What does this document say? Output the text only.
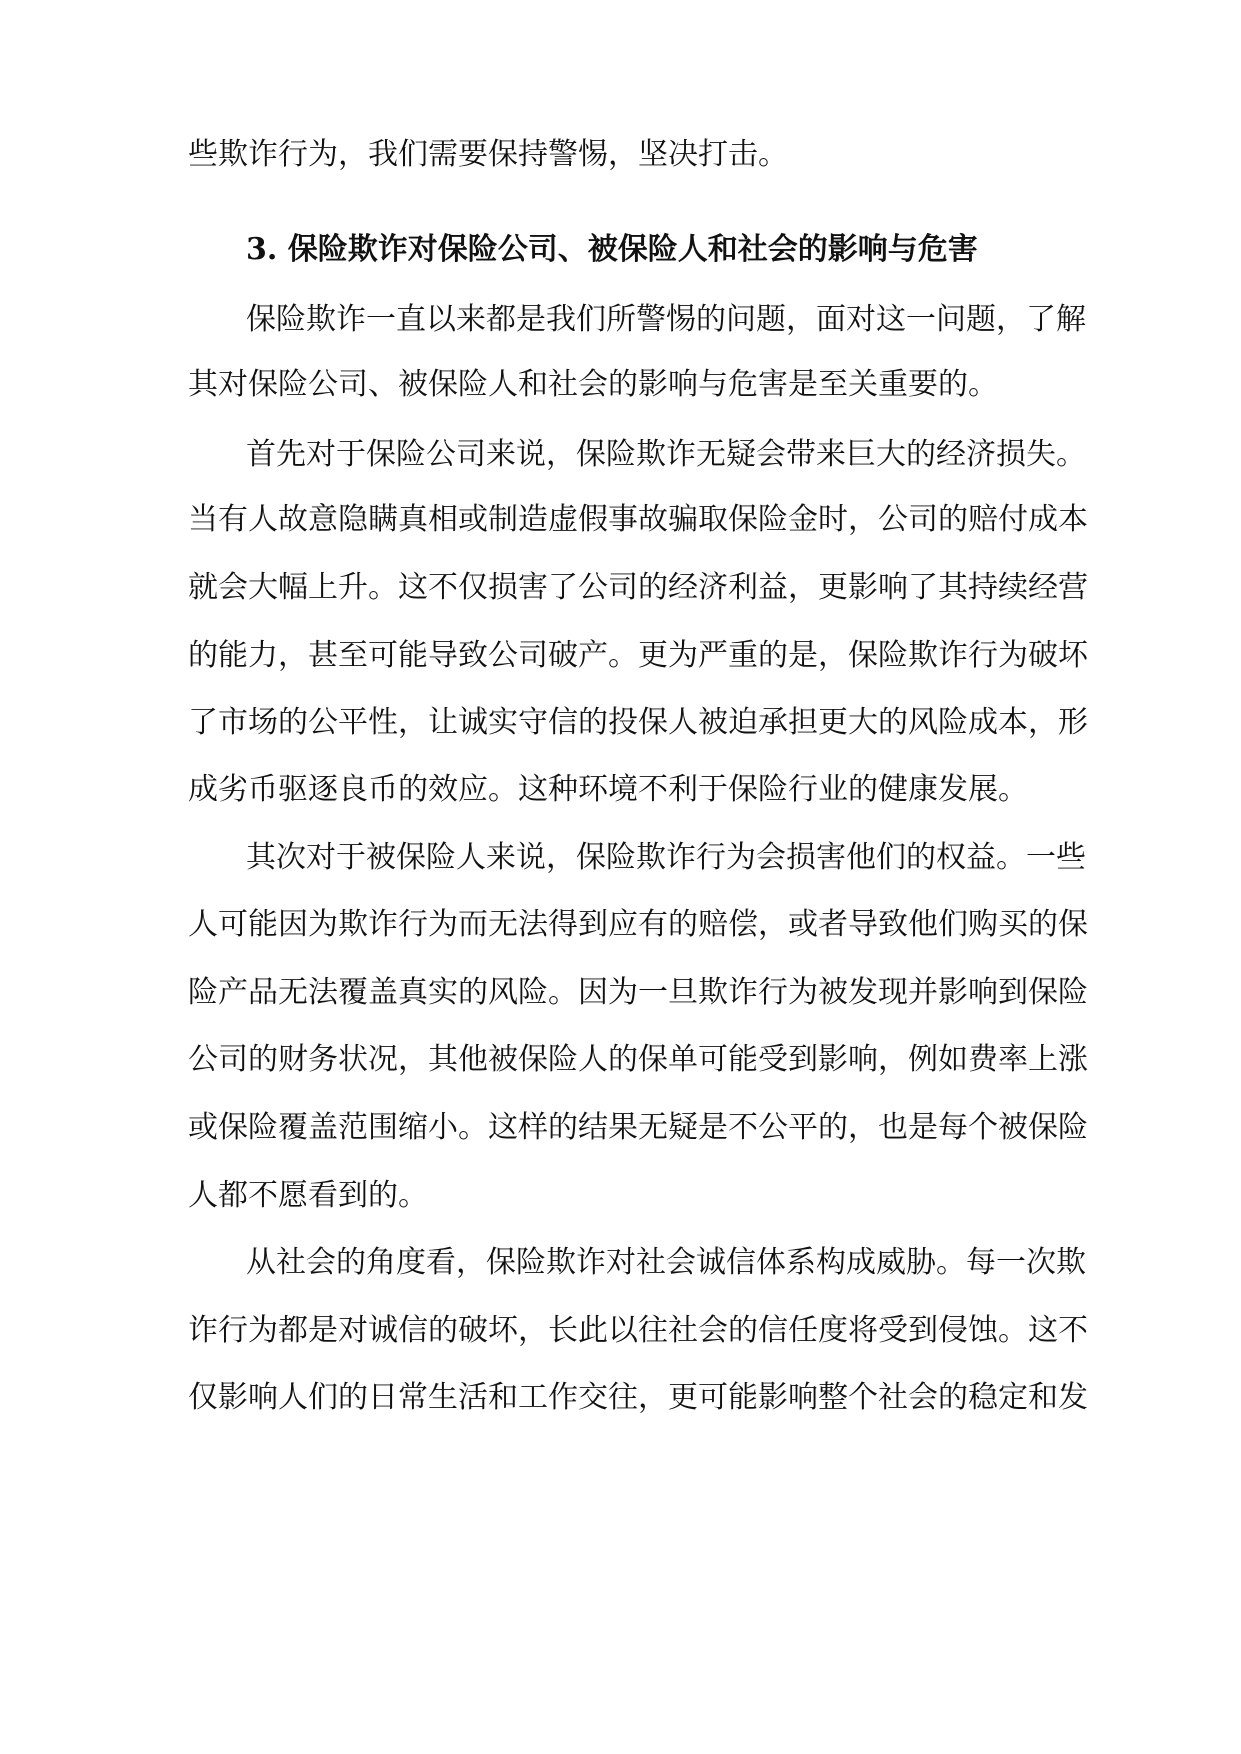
些欺诈行为，我们需要保持警惕，坚决打击。
3. 保险欺诈对保险公司、被保险人和社会的影响与危害
保险欺诈一直以来都是我们所警惕的问题，面对这一问题，了解
其对保险公司、被保险人和社会的影响与危害是至关重要的。
首先对于保险公司来说，保险欺诈无疑会带来巨大的经济损失。
当有人故意隐瞒真相或制造虚假事故骗取保险金时，公司的赔付成本
就会大幅上升。这不仅损害了公司的经济利益，更影响了其持续经营
的能力，甚至可能导致公司破产。更为严重的是，保险欺诈行为破坏
了市场的公平性，让诚实守信的投保人被迫承担更大的风险成本，形
成劣币驱逐良币的效应。这种环境不利于保险行业的健康发展。
其次对于被保险人来说，保险欺诈行为会损害他们的权益。一些
人可能因为欺诈行为而无法得到应有的赔偿，或者导致他们购买的保
险产品无法覆盖真实的风险。因为一旦欺诈行为被发现并影响到保险
公司的财务状况，其他被保险人的保单可能受到影响，例如费率上涨
或保险覆盖范围缩小。这样的结果无疑是不公平的，也是每个被保险
人都不愿看到的。
从社会的角度看，保险欺诈对社会诚信体系构成威胁。每一次欺
诈行为都是对诚信的破坏，长此以往社会的信任度将受到侵蚀。这不
仅影响人们的日常生活和工作交往，更可能影响整个社会的稳定和发
